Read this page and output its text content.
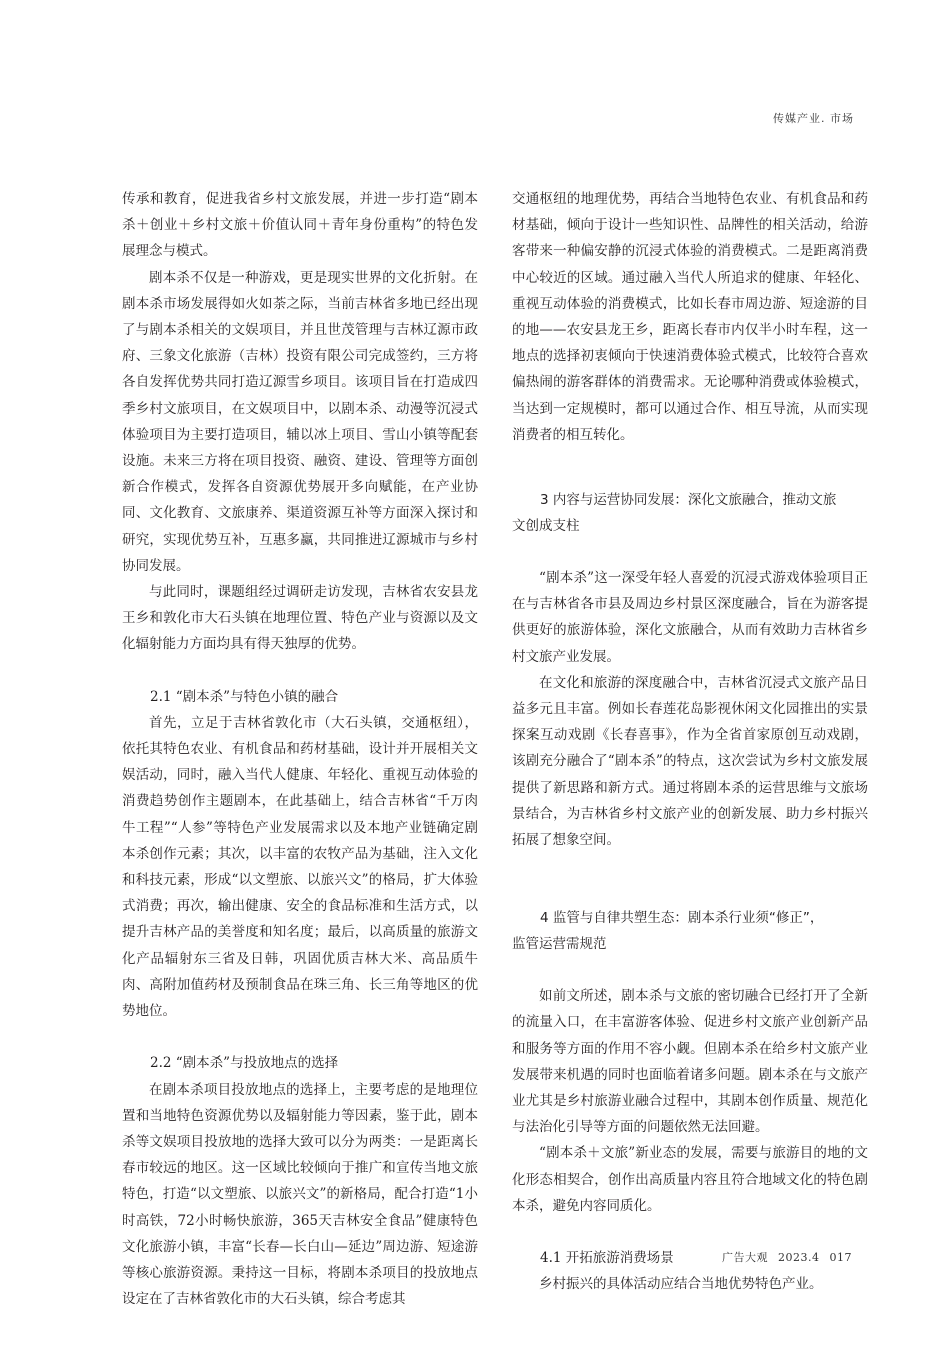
传媒产业. 市场

传承和教育，促进我省乡村文旅发展，并进一步打造“剧本杀＋创业＋乡村文旅＋价值认同＋青年身份重构”的特色发展理念与模式。

剧本杀不仅是一种游戏，更是现实世界的文化折射。在剧本杀市场发展得如火如荼之际，当前吉林省多地已经出现了与剧本杀相关的文娱项目，并且世茂管理与吉林辽源市政府、三象文化旅游（吉林）投资有限公司完成签约，三方将各自发挥优势共同打造辽源雪乡项目。该项目旨在打造成四季乡村文旅项目，在文娱项目中，以剧本杀、动漫等沉浸式体验项目为主要打造项目，辅以冰上项目、雪山小镇等配套设施。未来三方将在项目投资、融资、建设、管理等方面创新合作模式，发挥各自资源优势展开多向赋能，在产业协同、文化教育、文旅康养、渠道资源互补等方面深入探讨和研究，实现优势互补，互惠多赢，共同推进辽源城市与乡村协同发展。

与此同时，课题组经过调研走访发现，吉林省农安县龙王乡和敦化市大石头镇在地理位置、特色产业与资源以及文化辐射能力方面均具有得天独厚的优势。

2.1 “剧本杀”与特色小镇的融合

首先，立足于吉林省敦化市（大石头镇，交通枢纽），依托其特色农业、有机食品和药材基础，设计并开展相关文娱活动，同时，融入当代人健康、年轻化、重视互动体验的消费趋势创作主题剧本，在此基础上，结合吉林省“千万肉牛工程”“人参”等特色产业发展需求以及本地产业链确定剧本杀创作元素；其次，以丰富的农牧产品为基础，注入文化和科技元素，形成“以文塑旅、以旅兴文”的格局，扩大体验式消费；再次，输出健康、安全的食品标准和生活方式，以提升吉林产品的美誉度和知名度；最后，以高质量的旅游文化产品辐射东三省及日韩，巩固优质吉林大米、高品质牛肉、高附加值药材及预制食品在珠三角、长三角等地区的优势地位。

2.2 “剧本杀”与投放地点的选择

在剧本杀项目投放地点的选择上，主要考虑的是地理位置和当地特色资源优势以及辐射能力等因素，鉴于此，剧本杀等文娱项目投放地的选择大致可以分为两类：一是距离长春市较远的地区。这一区域比较倾向于推广和宣传当地文旅特色，打造“以文塑旅、以旅兴文”的新格局，配合打造“1小时高铁，72小时畅快旅游，365天吉林安全食品”健康特色文化旅游小镇，丰富“长春—长白山—延边”周边游、短途游等核心旅游资源。秉持这一目标，将剧本杀项目的投放地点设定在了吉林省敦化市的大石头镇，综合考虑其

交通枢纽的地理优势，再结合当地特色农业、有机食品和药材基础，倾向于设计一些知识性、品牌性的相关活动，给游客带来一种偏安静的沉浸式体验的消费模式。二是距离消费中心较近的区域。通过融入当代人所追求的健康、年轻化、重视互动体验的消费模式，比如长春市周边游、短途游的目的地——农安县龙王乡，距离长春市内仅半小时车程，这一地点的选择初衷倾向于快速消费体验式模式，比较符合喜欢偏热闹的游客群体的消费需求。无论哪种消费或体验模式，当达到一定规模时，都可以通过合作、相互导流，从而实现消费者的相互转化。

3 内容与运营协同发展：深化文旅融合，推动文旅
文创成支柱

“剧本杀”这一深受年轻人喜爱的沉浸式游戏体验项目正在与吉林省各市县及周边乡村景区深度融合，旨在为游客提供更好的旅游体验，深化文旅融合，从而有效助力吉林省乡村文旅产业发展。

在文化和旅游的深度融合中，吉林省沉浸式文旅产品日益多元且丰富。例如长春莲花岛影视休闲文化园推出的实景探案互动戏剧《长春喜事》，作为全省首家原创互动戏剧，该剧充分融合了“剧本杀”的特点，这次尝试为乡村文旅发展提供了新思路和新方式。通过将剧本杀的运营思维与文旅场景结合，为吉林省乡村文旅产业的创新发展、助力乡村振兴拓展了想象空间。

4 监管与自律共塑生态：剧本杀行业须“修正”，
监管运营需规范

如前文所述，剧本杀与文旅的密切融合已经打开了全新的流量入口，在丰富游客体验、促进乡村文旅产业创新产品和服务等方面的作用不容小觑。但剧本杀在给乡村文旅产业发展带来机遇的同时也面临着诸多问题。剧本杀在与文旅产业尤其是乡村旅游业融合过程中，其剧本创作质量、规范化与法治化引导等方面的问题依然无法回避。

“剧本杀＋文旅”新业态的发展，需要与旅游目的地的文化形态相契合，创作出高质量内容且符合地域文化的特色剧本杀，避免内容同质化。

4.1 开拓旅游消费场景

乡村振兴的具体活动应结合当地优势特色产业。

广告大观 2023.4 017
